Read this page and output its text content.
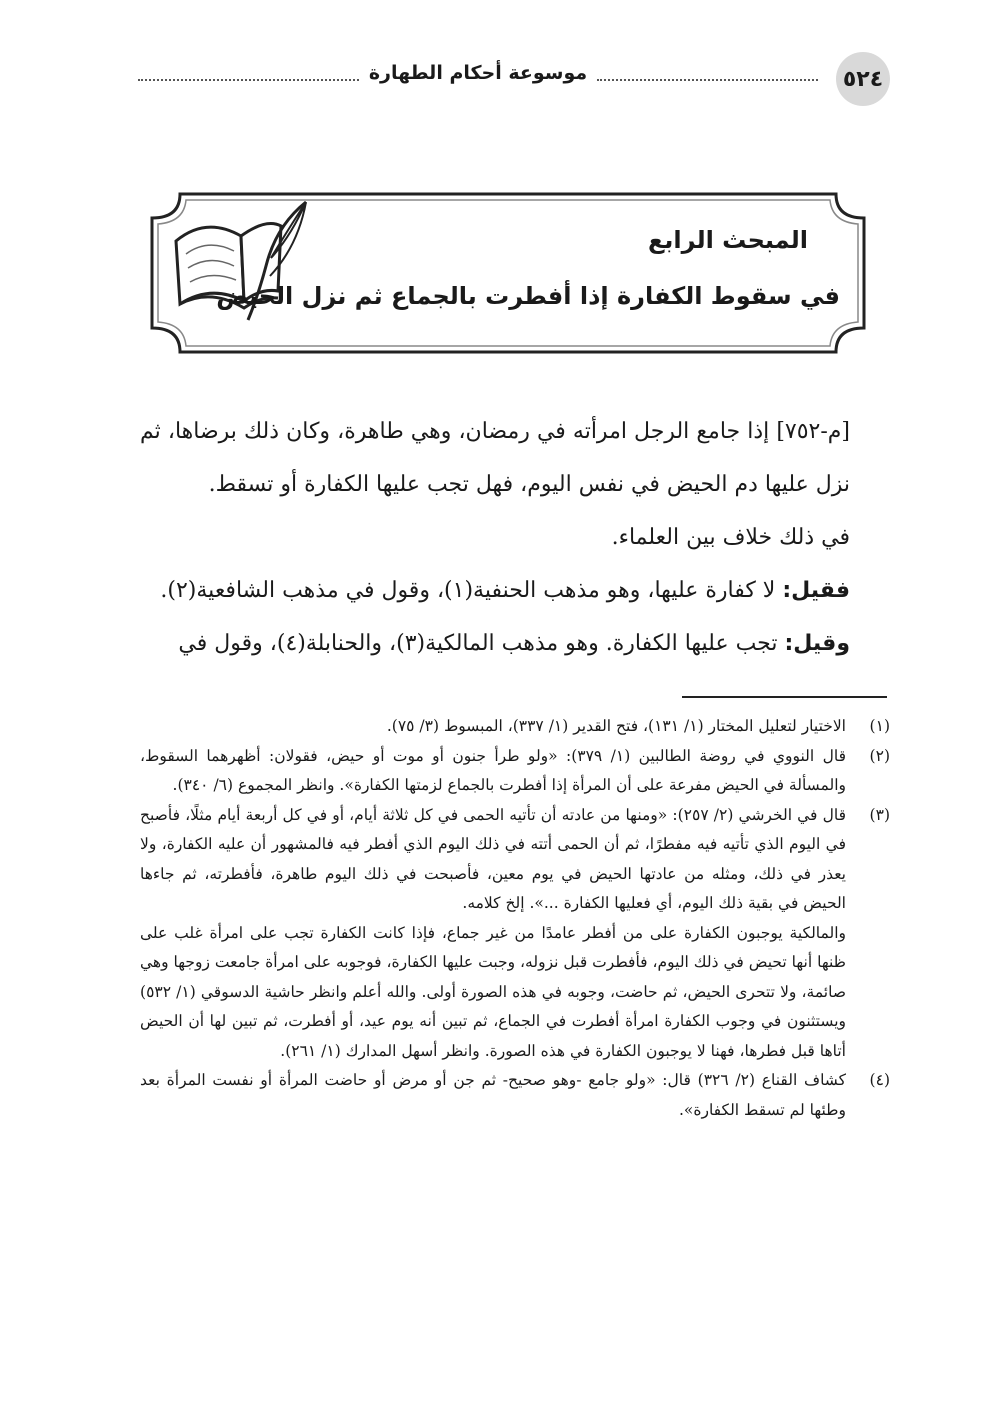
٥٢٤
موسوعة أحكام الطهارة
المبحث الرابع
في سقوط الكفارة إذا أفطرت بالجماع ثم نزل الحيض

[م-٧٥٢] إذا جامع الرجل امرأته في رمضان، وهي طاهرة، وكان ذلك برضاها، ثم نزل عليها دم الحيض في نفس اليوم، فهل تجب عليها الكفارة أو تسقط.

في ذلك خلاف بين العلماء.

فقيل: لا كفارة عليها، وهو مذهب الحنفية(١)، وقول في مذهب الشافعية(٢).

وقيل: تجب عليها الكفارة. وهو مذهب المالكية(٣)، والحنابلة(٤)، وقول في

(١)
الاختيار لتعليل المختار (١/ ١٣١)، فتح القدير (١/ ٣٣٧)، المبسوط (٣/ ٧٥).
(٢)
قال النووي في روضة الطالبين (١/ ٣٧٩): «ولو طرأ جنون أو موت أو حيض، فقولان: أظهرهما السقوط، والمسألة في الحيض مفرعة على أن المرأة إذا أفطرت بالجماع لزمتها الكفارة». وانظر المجموع (٦/ ٣٤٠).
(٣)
قال في الخرشي (٢/ ٢٥٧): «ومنها من عادته أن تأتيه الحمى في كل ثلاثة أيام، أو في كل أربعة أيام مثلًا، فأصبح في اليوم الذي تأتيه فيه مفطرًا، ثم أن الحمى أتته في ذلك اليوم الذي أفطر فيه فالمشهور أن عليه الكفارة، ولا يعذر في ذلك، ومثله من عادتها الحيض في يوم معين، فأصبحت في ذلك اليوم طاهرة، فأفطرته، ثم جاءها الحيض في بقية ذلك اليوم، أي فعليها الكفارة ...». إلخ كلامه.
والمالكية يوجبون الكفارة على من أفطر عامدًا من غير جماع، فإذا كانت الكفارة تجب على امرأة غلب على ظنها أنها تحيض في ذلك اليوم، فأفطرت قبل نزوله، وجبت عليها الكفارة، فوجوبه على امرأة جامعت زوجها وهي صائمة، ولا تتحرى الحيض، ثم حاضت، وجوبه في هذه الصورة أولى. والله أعلم وانظر حاشية الدسوقي (١/ ٥٣٢) ويستثنون في وجوب الكفارة امرأة أفطرت في الجماع، ثم تبين أنه يوم عيد، أو أفطرت، ثم تبين لها أن الحيض أتاها قبل فطرها، فهنا لا يوجبون الكفارة في هذه الصورة. وانظر أسهل المدارك (١/ ٢٦١).
(٤)
كشاف القناع (٢/ ٣٢٦) قال: «ولو جامع -وهو صحيح- ثم جن أو مرض أو حاضت المرأة أو نفست المرأة بعد وطئها لم تسقط الكفارة».
